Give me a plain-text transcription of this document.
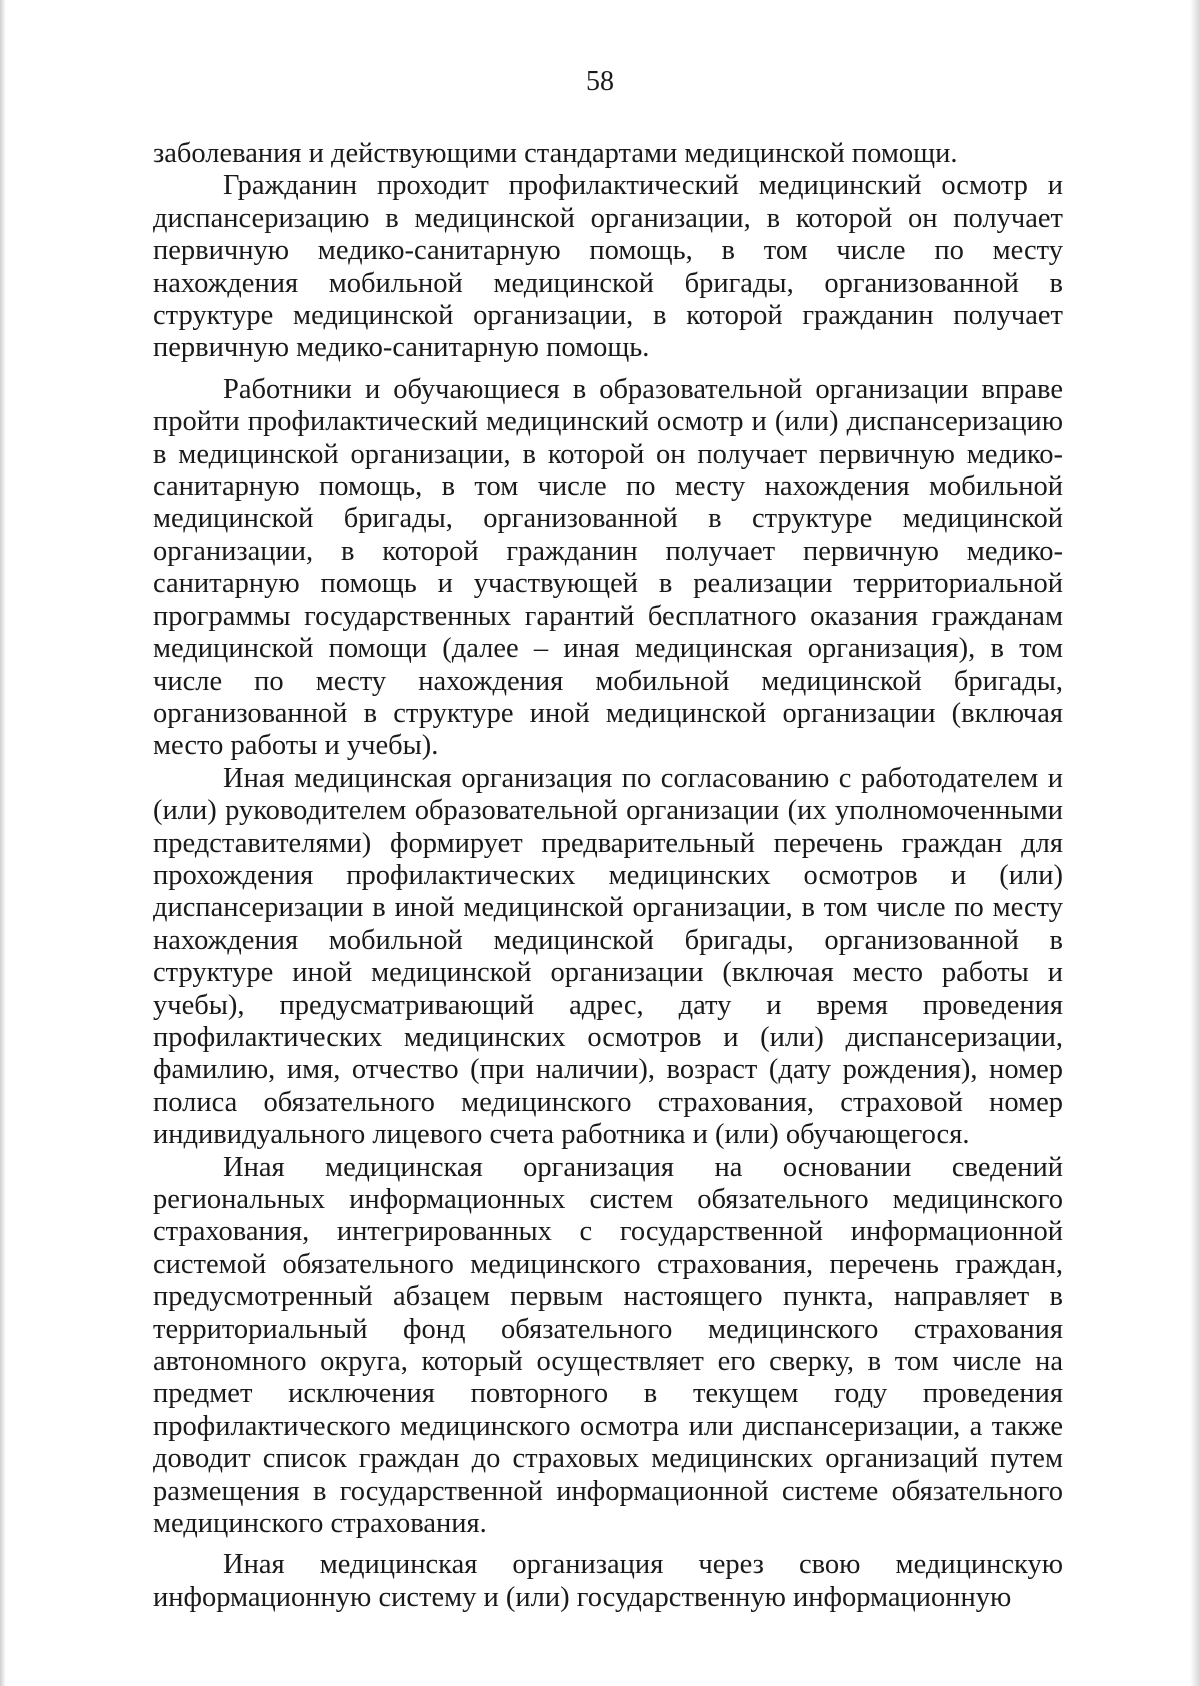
58

заболевания и действующими стандартами медицинской помощи.

Гражданин проходит профилактический медицинский осмотр и диспансеризацию в медицинской организации, в которой он получает первичную медико-санитарную помощь, в том числе по месту нахождения мобильной медицинской бригады, организованной в структуре медицинской организации, в которой гражданин получает первичную медико-санитарную помощь.

Работники и обучающиеся в образовательной организации вправе пройти профилактический медицинский осмотр и (или) диспансеризацию в медицинской организации, в которой он получает первичную медико-санитарную помощь, в том числе по месту нахождения мобильной медицинской бригады, организованной в структуре медицинской организации, в которой гражданин получает первичную медико-санитарную помощь и участвующей в реализации территориальной программы государственных гарантий бесплатного оказания гражданам медицинской помощи (далее – иная медицинская организация), в том числе по месту нахождения мобильной медицинской бригады, организованной в структуре иной медицинской организации (включая место работы и учебы).

Иная медицинская организация по согласованию с работодателем и (или) руководителем образовательной организации (их уполномоченными представителями) формирует предварительный перечень граждан для прохождения профилактических медицинских осмотров и (или) диспансеризации в иной медицинской организации, в том числе по месту нахождения мобильной медицинской бригады, организованной в структуре иной медицинской организации (включая место работы и учебы), предусматривающий адрес, дату и время проведения профилактических медицинских осмотров и (или) диспансеризации, фамилию, имя, отчество (при наличии), возраст (дату рождения), номер полиса обязательного медицинского страхования, страховой номер индивидуального лицевого счета работника и (или) обучающегося.

Иная медицинская организация на основании сведений региональных информационных систем обязательного медицинского страхования, интегрированных с государственной информационной системой обязательного медицинского страхования, перечень граждан, предусмотренный абзацем первым настоящего пункта, направляет в территориальный фонд обязательного медицинского страхования автономного округа, который осуществляет его сверку, в том числе на предмет исключения повторного в текущем году проведения профилактического медицинского осмотра или диспансеризации, а также доводит список граждан до страховых медицинских организаций путем размещения в государственной информационной системе обязательного медицинского страхования.

Иная медицинская организация через свою медицинскую информационную систему и (или) государственную информационную
